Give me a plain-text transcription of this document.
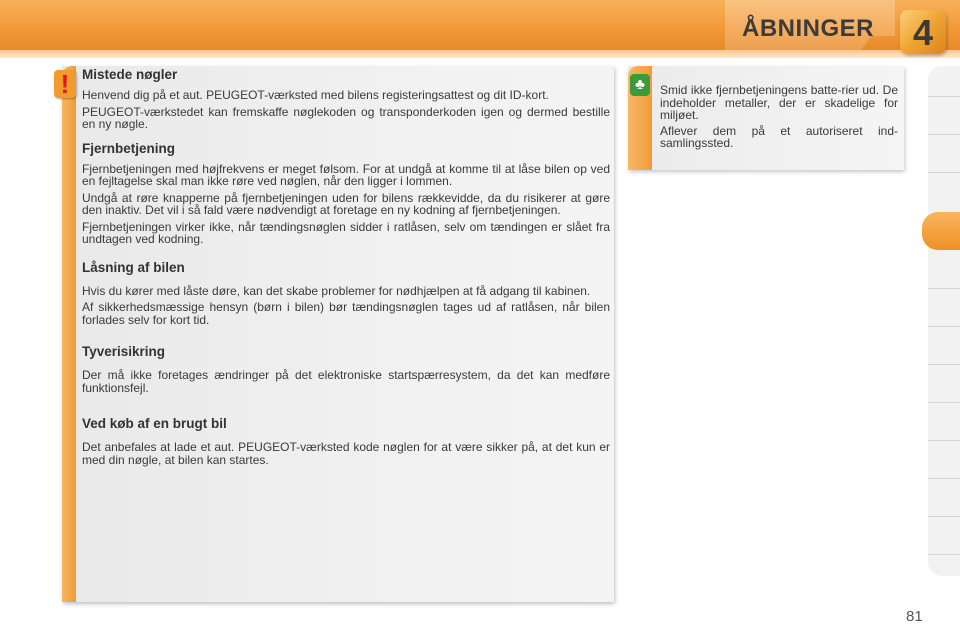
ÅBNINGER	4
! Mistede nøgler

Henvend dig på et aut. PEUGEOT-værksted med bilens registeringsattest og dit ID-kort.

PEUGEOT-værkstedet kan fremskaffe nøglekoden og transponderkoden igen og dermed bestille en ny nøgle.

Fjernbetjening

Fjernbetjeningen med højfrekvens er meget følsom. For at undgå at komme til at låse bilen op ved en fejltagelse skal man ikke røre ved nøglen, når den ligger i lommen.

Undgå at røre knapperne på fjernbetjeningen uden for bilens rækkevidde, da du risikerer at gøre den inaktiv. Det vil i så fald være nødvendigt at foretage en ny kodning af fjernbetjeningen.

Fjernbetjeningen virker ikke, når tændingsnøglen sidder i ratlåsen, selv om tændingen er slået fra undtagen ved kodning.

Låsning af bilen

Hvis du kører med låste døre, kan det skabe problemer for nødhjælpen at få adgang til kabinen.

Af sikkerhedsmæssige hensyn (børn i bilen) bør tændingsnøglen tages ud af ratlåsen, når bilen forlades selv for kort tid.

Tyverisikring

Der må ikke foretages ændringer på det elektroniske startspærresystem, da det kan medføre funktionsfejl.

Ved køb af en brugt bil

Det anbefales at lade et aut. PEUGEOT-værksted kode nøglen for at være sikker på, at det kun er med din nøgle, at bilen kan startes.

♣	Smid ikke fjernbetjeningens batte-rier ud. De indeholder metaller, der er skadelige for miljøet.

Aflever dem på et autoriseret ind-samlingssted.

81
